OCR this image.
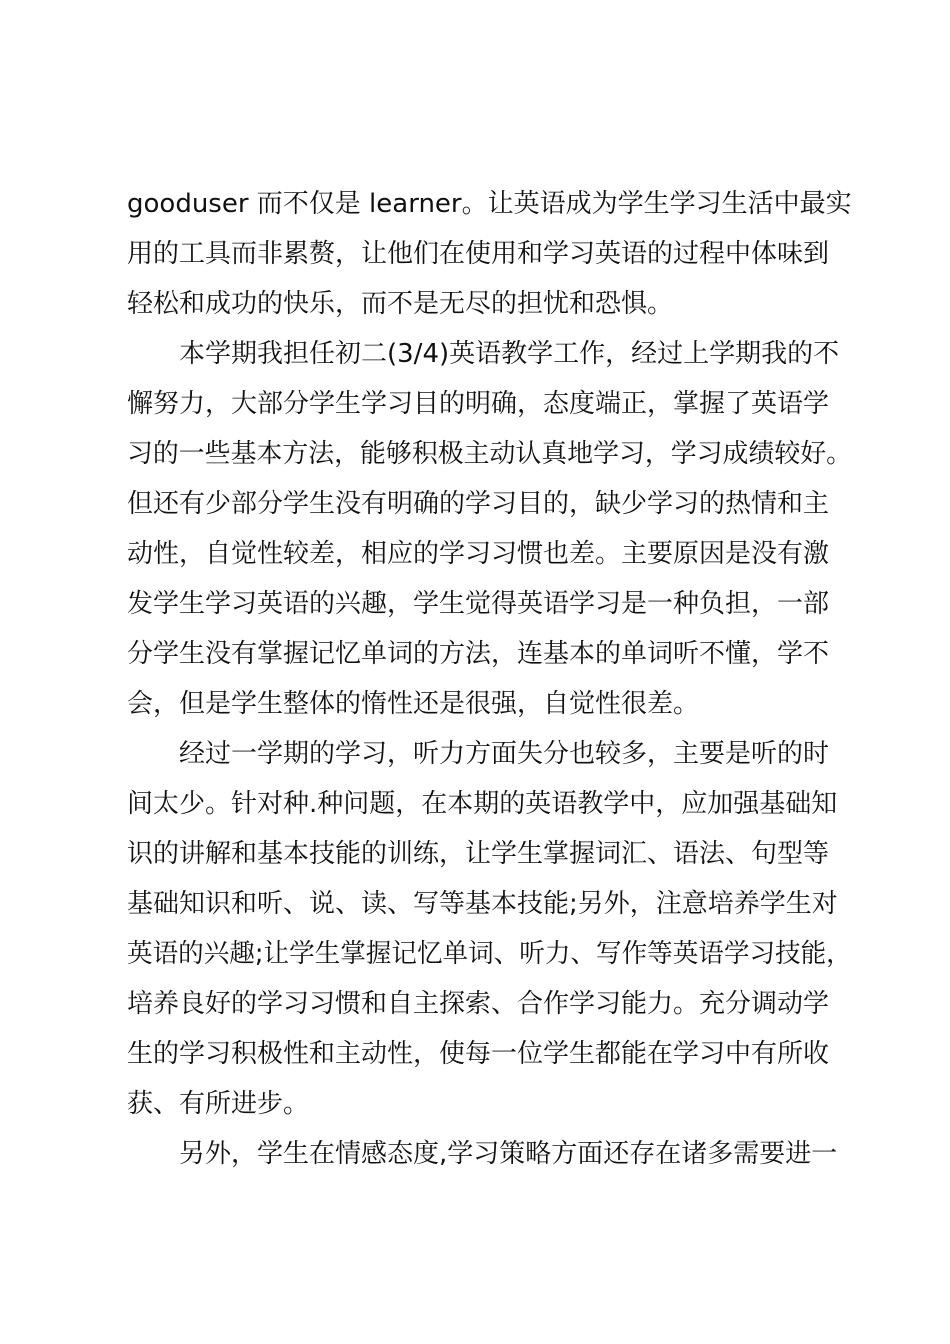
gooduser 而不仅是 learner。让英语成为学生学习生活中最实
用的工具而非累赘，让他们在使用和学习英语的过程中体味到
轻松和成功的快乐，而不是无尽的担忧和恐惧。
本学期我担任初二(3/4)英语教学工作，经过上学期我的不
懈努力，大部分学生学习目的明确，态度端正，掌握了英语学
习的一些基本方法，能够积极主动认真地学习，学习成绩较好。
但还有少部分学生没有明确的学习目的，缺少学习的热情和主
动性，自觉性较差，相应的学习习惯也差。主要原因是没有激
发学生学习英语的兴趣，学生觉得英语学习是一种负担，一部
分学生没有掌握记忆单词的方法，连基本的单词听不懂，学不
会，但是学生整体的惰性还是很强，自觉性很差。
经过一学期的学习，听力方面失分也较多，主要是听的时
间太少。针对种.种问题，在本期的英语教学中，应加强基础知
识的讲解和基本技能的训练，让学生掌握词汇、语法、句型等
基础知识和听、说、读、写等基本技能;另外，注意培养学生对
英语的兴趣;让学生掌握记忆单词、听力、写作等英语学习技能，
培养良好的学习习惯和自主探索、合作学习能力。充分调动学
生的学习积极性和主动性，使每一位学生都能在学习中有所收
获、有所进步。
另外，学生在情感态度,学习策略方面还存在诸多需要进一
